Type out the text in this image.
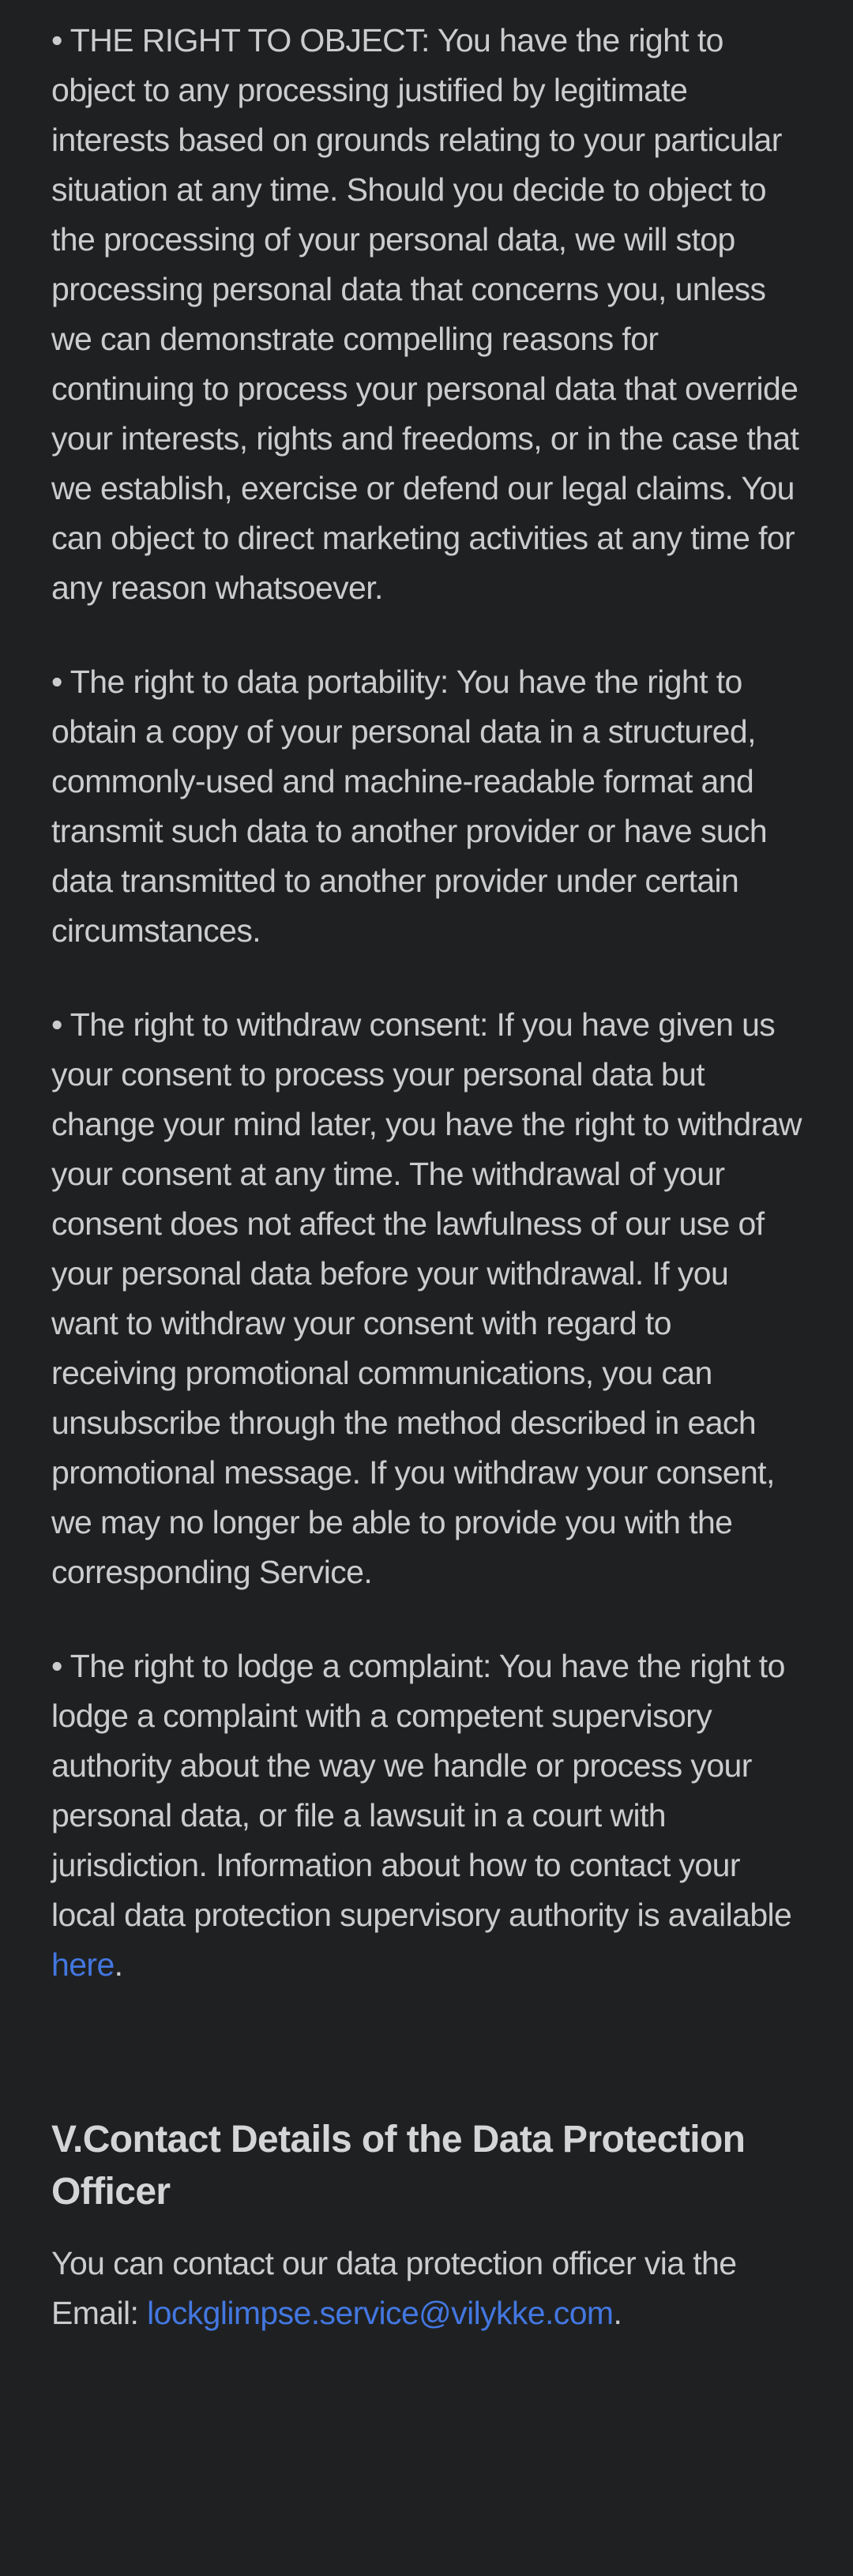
• THE RIGHT TO OBJECT: You have the right to object to any processing justified by legitimate interests based on grounds relating to your particular situation at any time. Should you decide to object to the processing of your personal data, we will stop processing personal data that concerns you, unless we can demonstrate compelling reasons for continuing to process your personal data that override your interests, rights and freedoms, or in the case that we establish, exercise or defend our legal claims. You can object to direct marketing activities at any time for any reason whatsoever.

• The right to data portability: You have the right to obtain a copy of your personal data in a structured, commonly-used and machine-readable format and transmit such data to another provider or have such data transmitted to another provider under certain circumstances.

• The right to withdraw consent: If you have given us your consent to process your personal data but change your mind later, you have the right to withdraw your consent at any time. The withdrawal of your consent does not affect the lawfulness of our use of your personal data before your withdrawal. If you want to withdraw your consent with regard to receiving promotional communications, you can unsubscribe through the method described in each promotional message. If you withdraw your consent, we may no longer be able to provide you with the corresponding Service.

• The right to lodge a complaint: You have the right to lodge a complaint with a competent supervisory authority about the way we handle or process your personal data, or file a lawsuit in a court with jurisdiction. Information about how to contact your local data protection supervisory authority is available here.

V.Contact Details of the Data Protection Officer

You can contact our data protection officer via the Email: lockglimpse.service@vilykke.com.
